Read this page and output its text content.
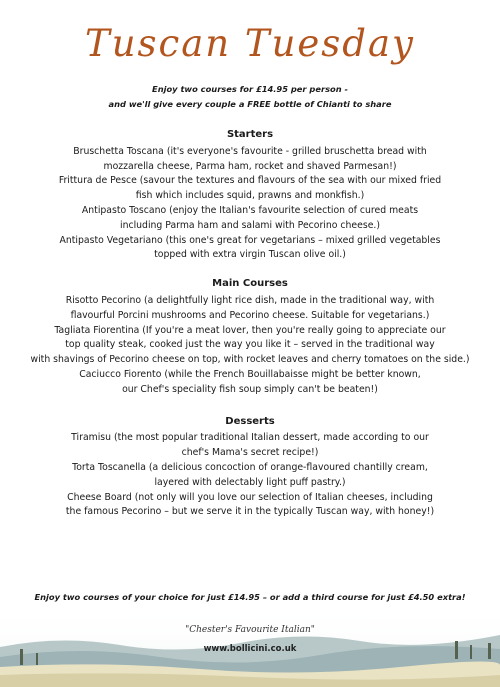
Tuscan Tuesday
Enjoy two courses for £14.95 per person -
and we'll give every couple a FREE bottle of Chianti to share
Starters
Bruschetta Toscana (it's everyone's favourite - grilled bruschetta bread with
mozzarella cheese, Parma ham, rocket and shaved Parmesan!)
Frittura de Pesce (savour the textures and flavours of the sea with our mixed fried
fish which includes squid, prawns and monkfish.)
Antipasto Toscano (enjoy the Italian's favourite selection of cured meats
including Parma ham and salami with Pecorino cheese.)
Antipasto Vegetariano (this one's great for vegetarians – mixed grilled vegetables
topped with extra virgin Tuscan olive oil.)
Main Courses
Risotto Pecorino (a delightfully light rice dish, made in the traditional way, with
flavourful Porcini mushrooms and Pecorino cheese. Suitable for vegetarians.)
Tagliata Fiorentina (If you're a meat lover, then you're really going to appreciate our
top quality steak, cooked just the way you like it – served in the traditional way
with shavings of Pecorino cheese on top, with rocket leaves and cherry tomatoes on the side.)
Caciucco Fiorento (while the French Bouillabaisse might be better known,
our Chef's speciality fish soup simply can't be beaten!)
Desserts
Tiramisu (the most popular traditional Italian dessert, made according to our
chef's Mama's secret recipe!)
Torta Toscanella (a delicious concoction of orange-flavoured chantilly cream,
layered with delectably light puff pastry.)
Cheese Board (not only will you love our selection of Italian cheeses, including
the famous Pecorino – but we serve it in the typically Tuscan way, with honey!)
Enjoy two courses of your choice for just £14.95 – or add a third course for just £4.50 extra!
"Chester's Favourite Italian"
www.bollicini.co.uk
